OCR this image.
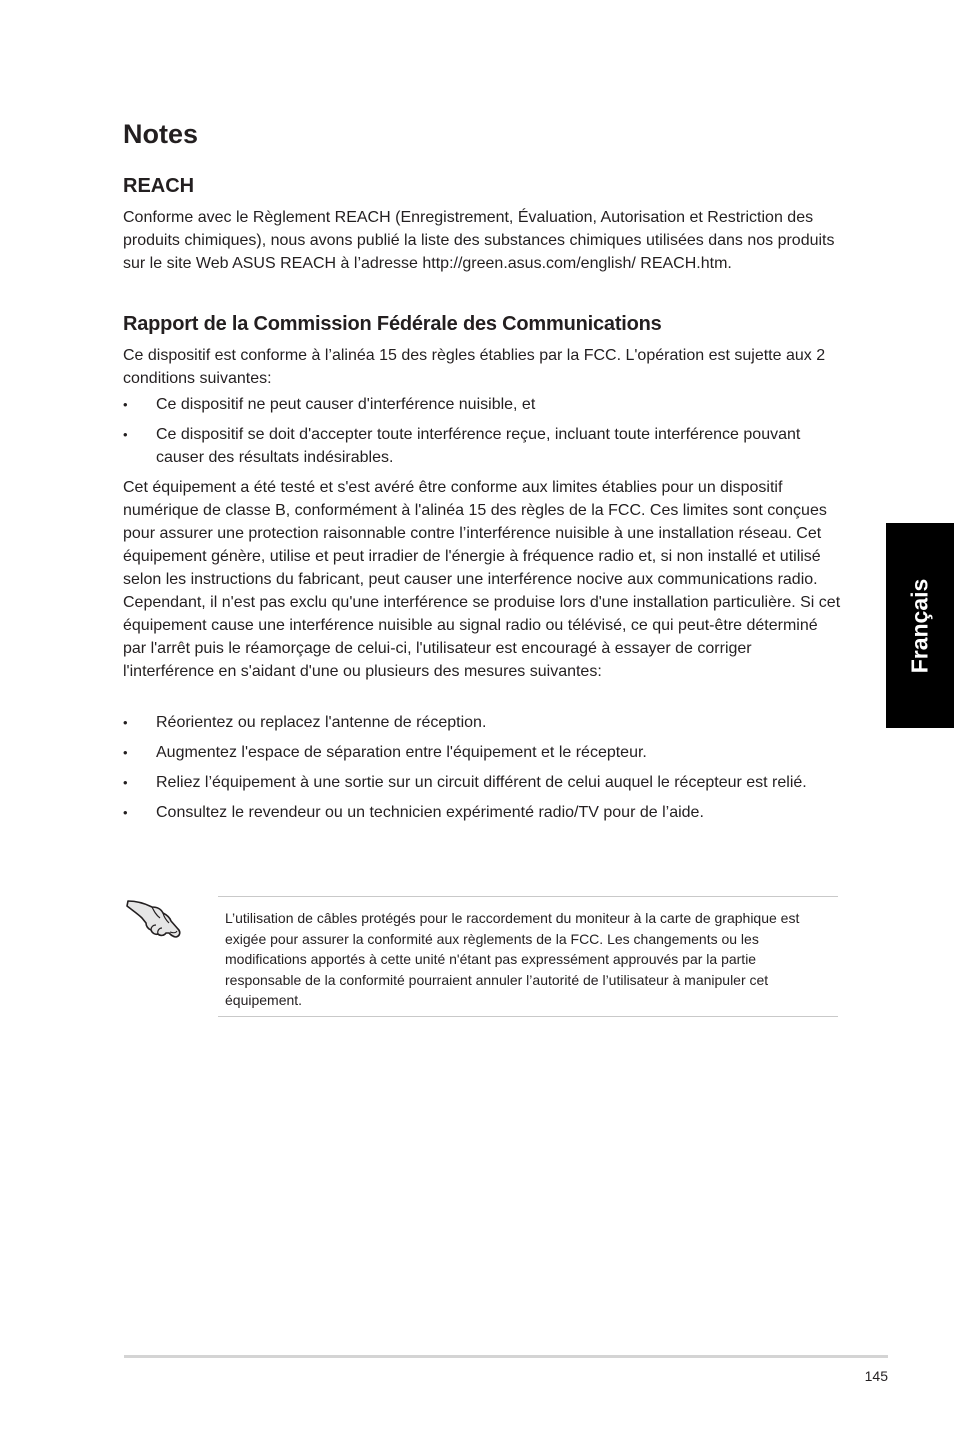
Notes
REACH

Conforme avec le Règlement REACH (Enregistrement, Évaluation, Autorisation et Restriction des produits chimiques), nous avons publié la liste des substances chimiques utilisées dans nos produits sur le site Web ASUS REACH à l’adresse http://green.asus.com/english/ REACH.htm.

Rapport de la Commission Fédérale des Communications

Ce dispositif est conforme à l’alinéa 15 des règles établies par la FCC. L'opération est sujette aux 2 conditions suivantes:

• Ce dispositif ne peut causer d'interférence nuisible, et
• Ce dispositif se doit d'accepter toute interférence reçue, incluant toute interférence pouvant causer des résultats indésirables.

Cet équipement a été testé et s'est avéré être conforme aux limites établies pour un dispositif numérique de classe B, conformément à l'alinéa 15 des règles de la FCC. Ces limites sont conçues pour assurer une protection raisonnable contre l’interférence nuisible à une installation réseau. Cet équipement génère, utilise et peut irradier de l'énergie à fréquence radio et, si non installé et utilisé selon les instructions du fabricant, peut causer une interférence nocive aux communications radio. Cependant, il n'est pas exclu qu'une interférence se produise lors d'une installation particulière. Si cet équipement cause une interférence nuisible au signal radio ou télévisé, ce qui peut-être déterminé par l'arrêt puis le réamorçage de celui-ci, l'utilisateur est encouragé à essayer de corriger l'interférence en s'aidant d'une ou plusieurs des mesures suivantes:

• Réorientez ou replacez l'antenne de réception.
• Augmentez l'espace de séparation entre l'équipement et le récepteur.
• Reliez l’équipement à une sortie sur un circuit différent de celui auquel le récepteur est relié.
• Consultez le revendeur ou un technicien expérimenté radio/TV pour de l’aide.

L’utilisation de câbles protégés pour le raccordement du moniteur à la carte de graphique est exigée pour assurer la conformité aux règlements de la FCC. Les changements ou les modifications apportés à cette unité n'étant pas expressément approuvés par la partie responsable de la conformité pourraient annuler l’autorité de l’utilisateur à manipuler cet équipement.

Français
145
